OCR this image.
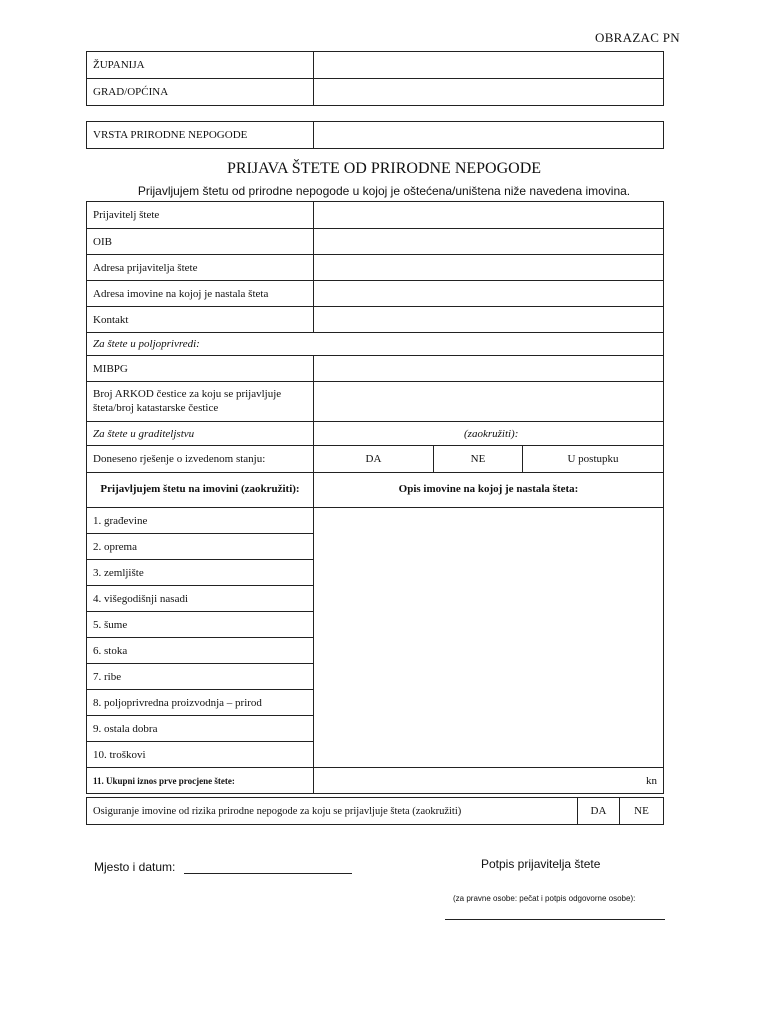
OBRAZAC PN
ŽUPANIJA	
GRAD/OPĆINA	
VRSTA PRIRODNE NEPOGODE	
PRIJAVA ŠTETE OD PRIRODNE NEPOGODE
Prijavljujem štetu od prirodne nepogode u kojoj je oštećena/uništena niže navedena imovina.
Prijavitelj štete			
OIB			
Adresa prijavitelja štete			
Adresa imovine na kojoj je nastala šteta			
Kontakt			
Za štete u poljoprivredi:			
MIBPG			
Broj ARKOD čestice za koju se prijavljuje šteta/broj katastarske čestice			
Za štete u graditeljstvu	(zaokružiti):		
Doneseno rješenje o izvedenom stanju:	DA	NE	U postupku
Prijavljujem štetu na imovini (zaokružiti):	Opis imovine na kojoj je nastala šteta:		
1. građevine			
2. oprema			
3. zemljište			
4. višegodišnji nasadi			
5. šume			
6. stoka			
7. ribe			
8. poljoprivredna proizvodnja – prirod			
9. ostala dobra			
10. troškovi			
11. Ukupni iznos prve procjene štete:	kn		
Osiguranje imovine od rizika prirodne nepogode za koju se prijavljuje šteta (zaokružiti)	DA	NE
Mjesto i datum:	Potpis prijavitelja štete
(za pravne osobe: pečat i potpis odgovorne osobe):
